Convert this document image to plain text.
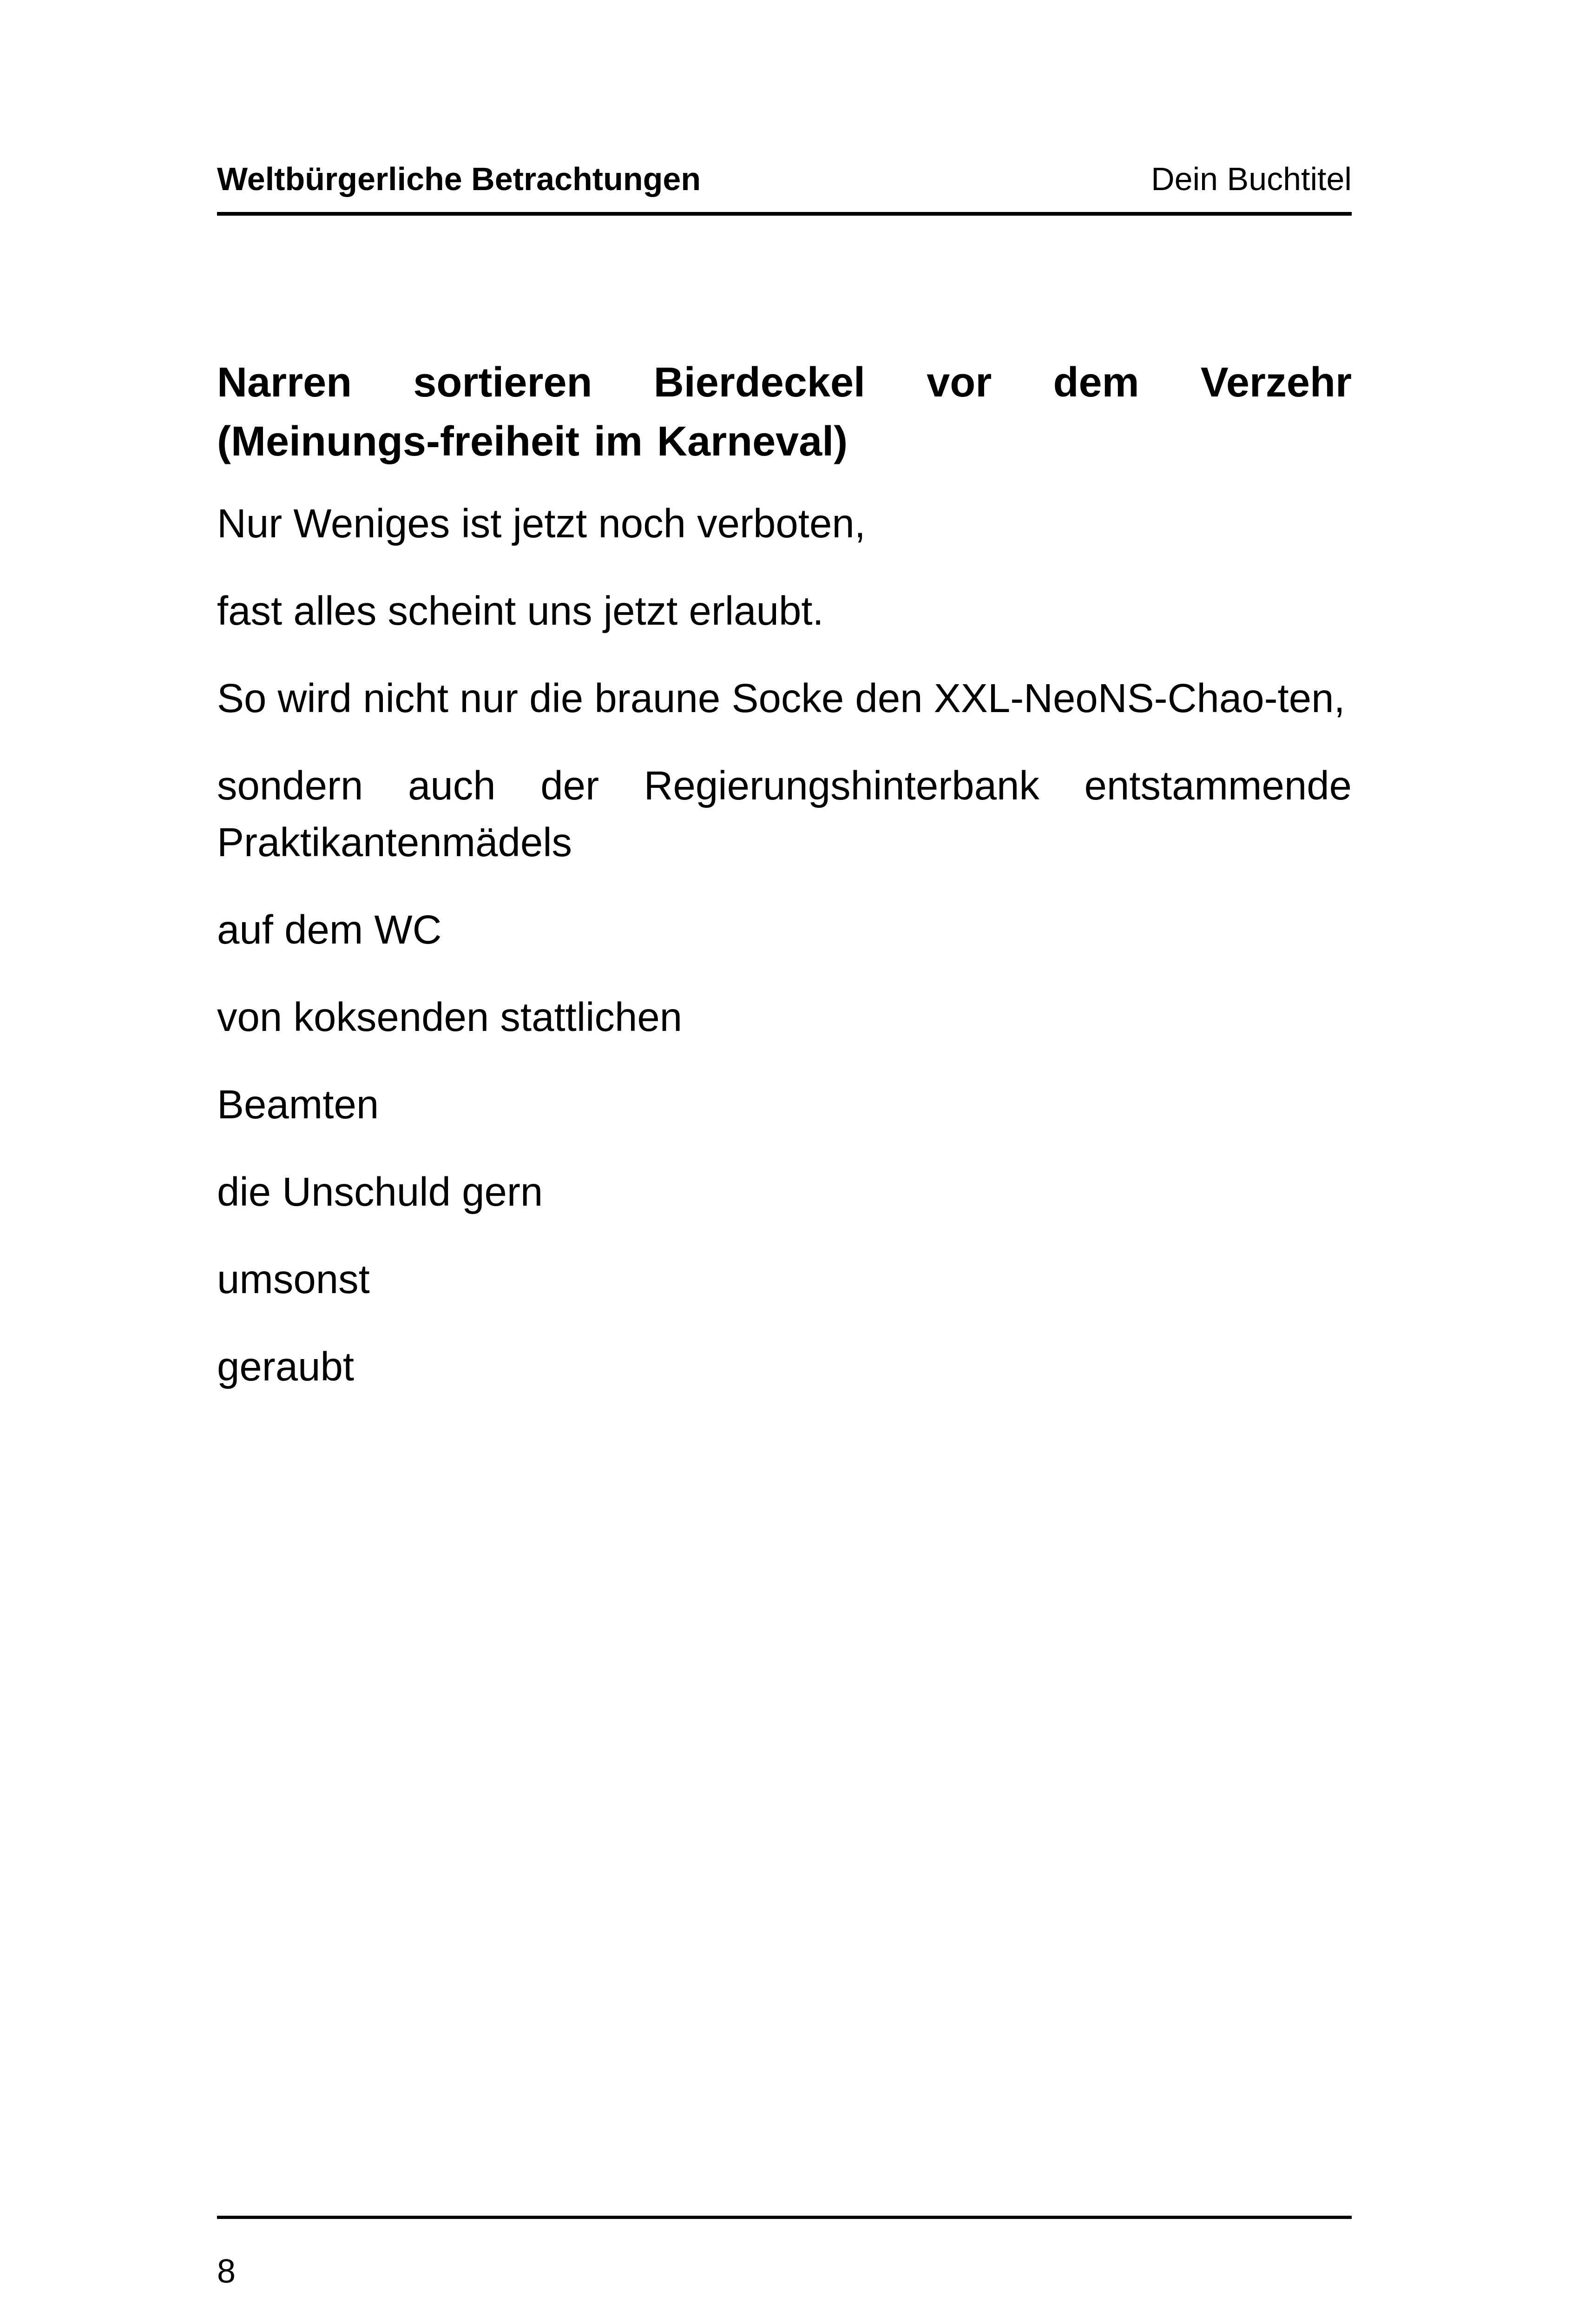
Weltbürgerliche Betrachtungen	Dein Buchtitel
Narren sortieren Bierdeckel vor dem Verzehr (Meinungs-freiheit im Karneval)
Nur Weniges ist jetzt noch verboten,
fast alles scheint uns jetzt erlaubt.
So wird nicht nur die braune Socke den XXL-NeoNS-Chao-ten,
sondern auch der Regierungshinterbank entstammende Praktikantenmädels
auf dem WC
von koksenden stattlichen
Beamten
die Unschuld gern
umsonst
geraubt
8
